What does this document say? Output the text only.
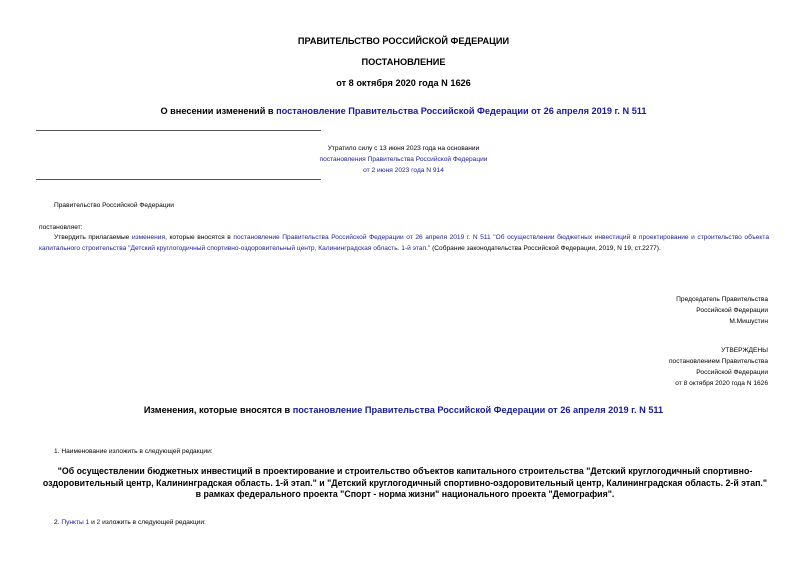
ПРАВИТЕЛЬСТВО РОССИЙСКОЙ ФЕДЕРАЦИИ
ПОСТАНОВЛЕНИЕ
от 8 октября 2020 года N 1626
О внесении изменений в постановление Правительства Российской Федерации от 26 апреля 2019 г. N 511
Утратило силу с 13 июня 2023 года на основании
постановления Правительства Российской Федерации
от 2 июня 2023 года N 914
Правительство Российской Федерации
постановляет:
Утвердить прилагаемые изменения, которые вносятся в постановление Правительства Российской Федерации от 26 апреля 2019 г. N 511 "Об осуществлении бюджетных инвестиций в проектирование и строительство объекта капитального строительства "Детский круглогодичный спортивно-оздоровительный центр, Калининградская область. 1-й этап." (Собрание законодательства Российской Федерации, 2019, N 19, ст.2277).
Председатель Правительства
Российской Федерации
М.Мишустин
УТВЕРЖДЕНЫ
постановлением Правительства
Российской Федерации
от 8 октября 2020 года N 1626
Изменения, которые вносятся в постановление Правительства Российской Федерации от 26 апреля 2019 г. N 511
1. Наименование изложить в следующей редакции:
"Об осуществлении бюджетных инвестиций в проектирование и строительство объектов капитального строительства "Детский круглогодичный спортивно-оздоровительный центр, Калининградская область. 1-й этап." и "Детский круглогодичный спортивно-оздоровительный центр, Калининградская область. 2-й этап." в рамках федерального проекта "Спорт - норма жизни" национального проекта "Демография".
2. Пункты 1 и 2 изложить в следующей редакции:
